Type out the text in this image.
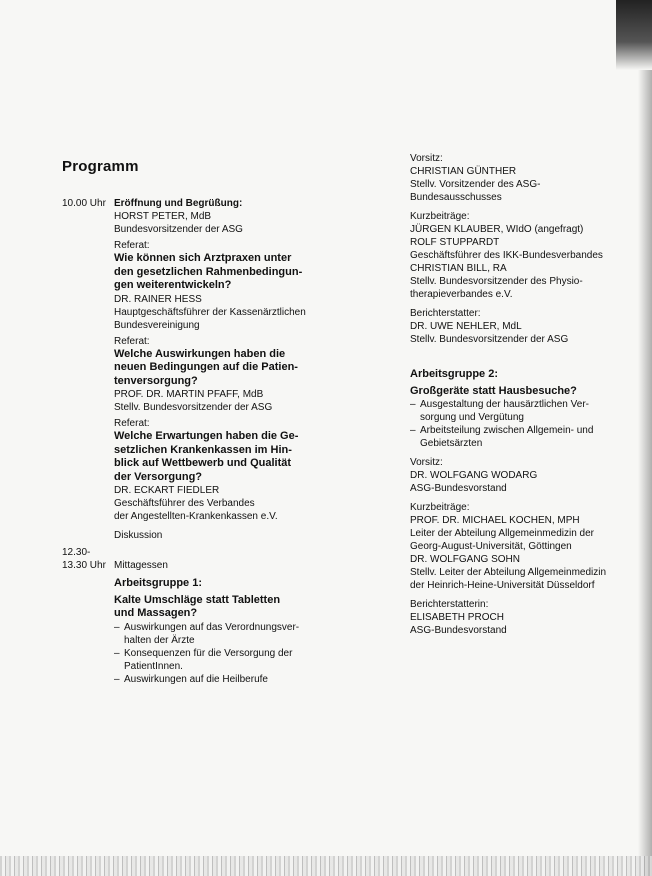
Programm
10.00 Uhr Eröffnung und Begrüßung:
HORST PETER, MdB
Bundesvorsitzender der ASG
Referat:
Wie können sich Arztpraxen unter
den gesetzlichen Rahmenbedingun-
gen weiterentwickeln?
DR. RAINER HESS
Hauptgeschäftsführer der Kassenärztlichen
Bundesvereinigung
Referat:
Welche Auswirkungen haben die
neuen Bedingungen auf die Patien-
tenversorgung?
PROF. DR. MARTIN PFAFF, MdB
Stellv. Bundesvorsitzender der ASG
Referat:
Welche Erwartungen haben die Ge-
setzlichen Krankenkassen im Hin-
blick auf Wettbewerb und Qualität
der Versorgung?
DR. ECKART FIEDLER
Geschäftsführer des Verbandes
der Angestellten-Krankenkassen e.V.
Diskussion
12.30-
13.30 Uhr
Mittagessen
Arbeitsgruppe 1:
Kalte Umschläge statt Tabletten
und Massagen?
– Auswirkungen auf das Verordnungsver-
halten der Ärzte
– Konsequenzen für die Versorgung der
PatientInnen.
– Auswirkungen auf die Heilberufe
Vorsitz:
CHRISTIAN GÜNTHER
Stellv. Vorsitzender des ASG-
Bundesausschusses
Kurzbeiträge:
JÜRGEN KLAUBER, WIdO (angefragt)
ROLF STUPPARDT
Geschäftsführer des IKK-Bundesverbandes
CHRISTIAN BILL, RA
Stellv. Bundesvorsitzender des Physio-
therapieverbandes e.V.
Berichterstatter:
DR. UWE NEHLER, MdL
Stellv. Bundesvorsitzender der ASG
Arbeitsgruppe 2:
Großgeräte statt Hausbesuche?
– Ausgestaltung der hausärztlichen Ver-
sorgung und Vergütung
– Arbeitsteilung zwischen Allgemein- und
Gebietsärzten
Vorsitz:
DR. WOLFGANG WODARG
ASG-Bundesvorstand
Kurzbeiträge:
PROF. DR. MICHAEL KOCHEN, MPH
Leiter der Abteilung Allgemeinmedizin der
Georg-August-Universität, Göttingen
DR. WOLFGANG SOHN
Stellv. Leiter der Abteilung Allgemeinmedizin
der Heinrich-Heine-Universität Düsseldorf
Berichterstatterin:
ELISABETH PROCH
ASG-Bundesvorstand
